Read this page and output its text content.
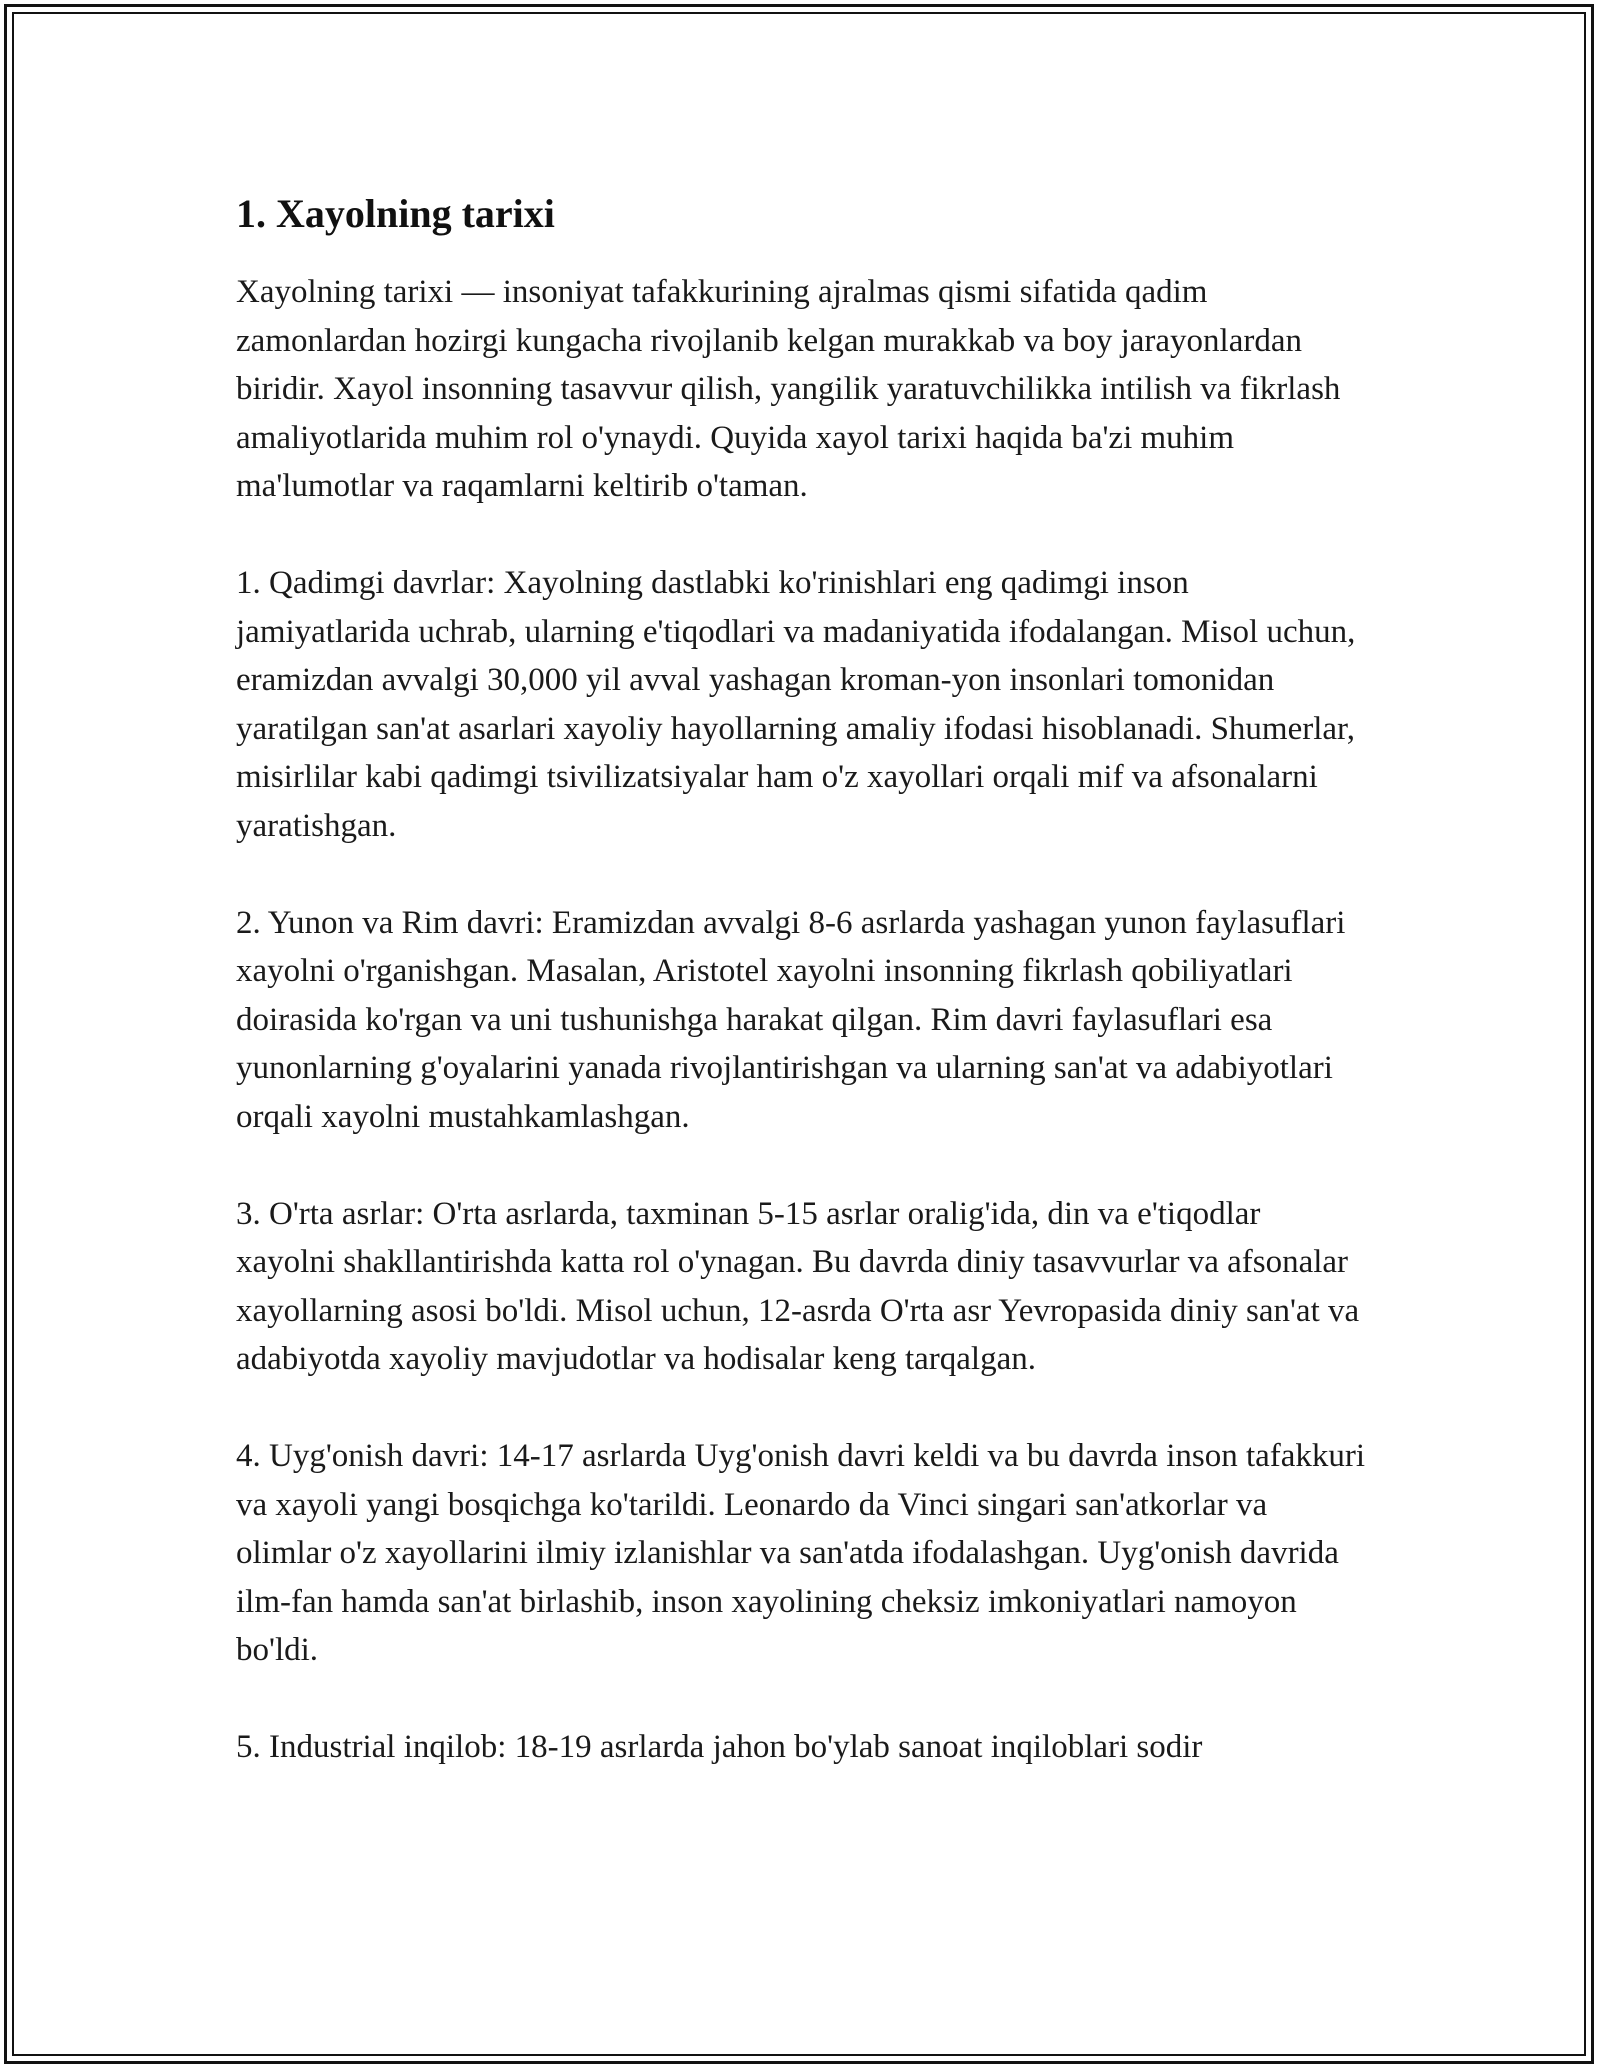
1. Xayolning tarixi

Xayolning tarixi — insoniyat tafakkurining ajralmas qismi sifatida qadim zamonlardan hozirgi kungacha rivojlanib kelgan murakkab va boy jarayonlardan biridir. Xayol insonning tasavvur qilish, yangilik yaratuvchilikka intilish va fikrlash amaliyotlarida muhim rol o'ynaydi. Quyida xayol tarixi haqida ba'zi muhim ma'lumotlar va raqamlarni keltirib o'taman.

1. Qadimgi davrlar: Xayolning dastlabki ko'rinishlari eng qadimgi inson jamiyatlarida uchrab, ularning e'tiqodlari va madaniyatida ifodalangan. Misol uchun, eramizdan avvalgi 30,000 yil avval yashagan kroman-yon insonlari tomonidan yaratilgan san'at asarlari xayoliy hayollarning amaliy ifodasi hisoblanadi. Shumerlar, misirlilar kabi qadimgi tsivilizatsiyalar ham o'z xayollari orqali mif va afsonalarni yaratishgan.

2. Yunon va Rim davri: Eramizdan avvalgi 8-6 asrlarda yashagan yunon faylasuflari xayolni o'rganishgan. Masalan, Aristotel xayolni insonning fikrlash qobiliyatlari doirasida ko'rgan va uni tushunishga harakat qilgan. Rim davri faylasuflari esa yunonlarning g'oyalarini yanada rivojlantirishgan va ularning san'at va adabiyotlari orqali xayolni mustahkamlashgan.

3. O'rta asrlar: O'rta asrlarda, taxminan 5-15 asrlar oralig'ida, din va e'tiqodlar xayolni shakllantirishda katta rol o'ynagan. Bu davrda diniy tasavvurlar va afsonalar xayollarning asosi bo'ldi. Misol uchun, 12-asrda O'rta asr Yevropasida diniy san'at va adabiyotda xayoliy mavjudotlar va hodisalar keng tarqalgan.

4. Uyg'onish davri: 14-17 asrlarda Uyg'onish davri keldi va bu davrda inson tafakkuri va xayoli yangi bosqichga ko'tarildi. Leonardo da Vinci singari san'atkorlar va olimlar o'z xayollarini ilmiy izlanishlar va san'atda ifodalashgan. Uyg'onish davrida ilm-fan hamda san'at birlashib, inson xayolining cheksiz imkoniyatlari namoyon bo'ldi.

5. Industrial inqilob: 18-19 asrlarda jahon bo'ylab sanoat inqiloblari sodir
